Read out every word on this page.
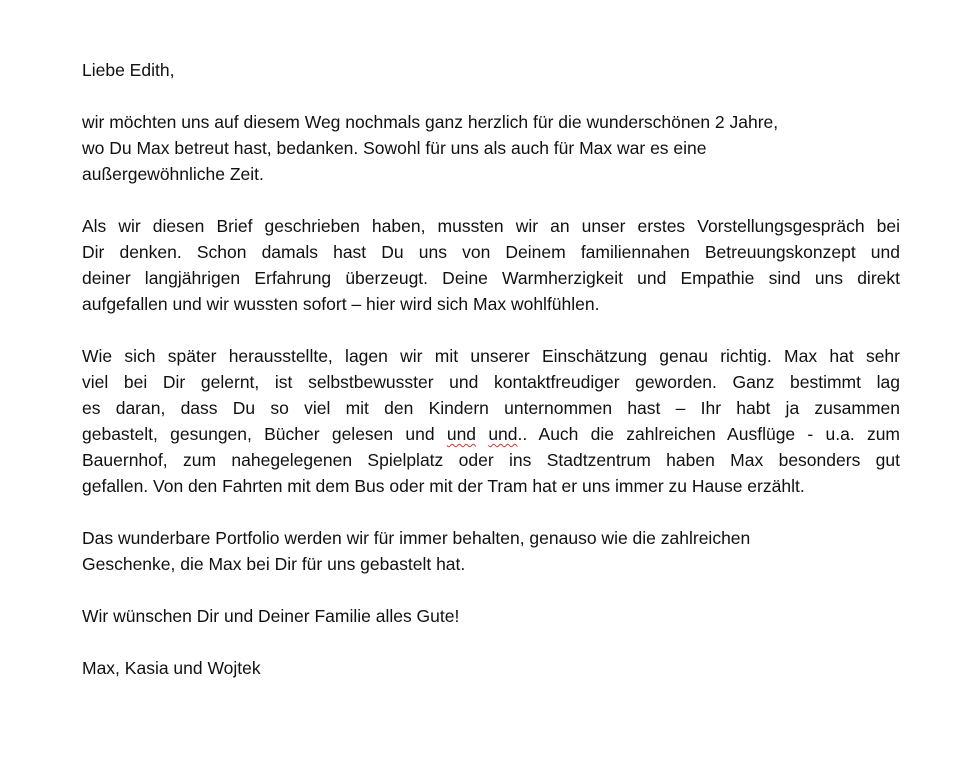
Liebe Edith,

wir möchten uns auf diesem Weg nochmals ganz herzlich für die wunderschönen 2 Jahre,
wo Du Max betreut hast, bedanken. Sowohl für uns als auch für Max war es eine
außergewöhnliche Zeit.

Als wir diesen Brief geschrieben haben, mussten wir an unser erstes Vorstellungsgespräch bei
Dir denken. Schon damals hast Du uns von Deinem familiennahen Betreuungskonzept und
deiner langjährigen Erfahrung überzeugt. Deine Warmherzigkeit und Empathie sind uns direkt
aufgefallen und wir wussten sofort – hier wird sich Max wohlfühlen.

Wie sich später herausstellte, lagen wir mit unserer Einschätzung genau richtig. Max hat sehr
viel bei Dir gelernt, ist selbstbewusster und kontaktfreudiger geworden. Ganz bestimmt lag
es daran, dass Du so viel mit den Kindern unternommen hast – Ihr habt ja zusammen
gebastelt, gesungen, Bücher gelesen und und und.. Auch die zahlreichen Ausflüge - u.a. zum
Bauernhof, zum nahegelegenen Spielplatz oder ins Stadtzentrum haben Max besonders gut
gefallen. Von den Fahrten mit dem Bus oder mit der Tram hat er uns immer zu Hause erzählt.

Das wunderbare Portfolio werden wir für immer behalten, genauso wie die zahlreichen
Geschenke, die Max bei Dir für uns gebastelt hat.

Wir wünschen Dir und Deiner Familie alles Gute!

Max, Kasia und Wojtek
